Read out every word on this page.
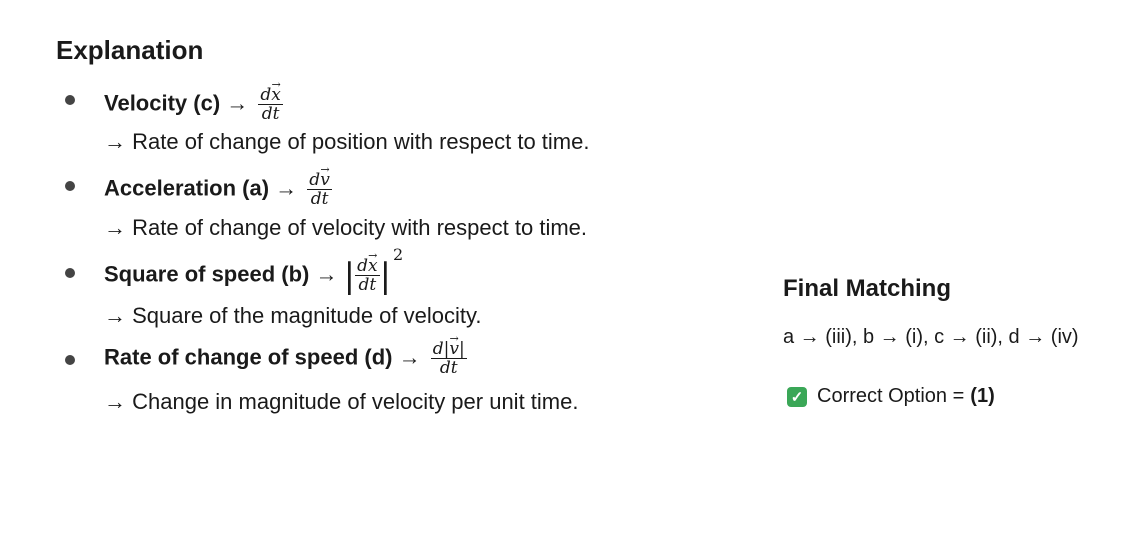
Explanation
Velocity $(c) \to \frac{d\to x}{dt}$
→ Rate of change of position with respect to time.
Acceleration $(a) \to \frac{d\to v}{dt}$
→ Rate of change of velocity with respect to time.
Square of speed (b) → | $\frac{d\to x}{dt} |2$
→ Square of the magnitude of velocity.
Rate of change of speed $(d) \to \frac{d|\to v|}{dt}$
→ Change in magnitude of velocity per unit time.
Final Matching
a → (iii), b → (i), c → (ii), d → (iv)
✓ Correct Option = (1)
